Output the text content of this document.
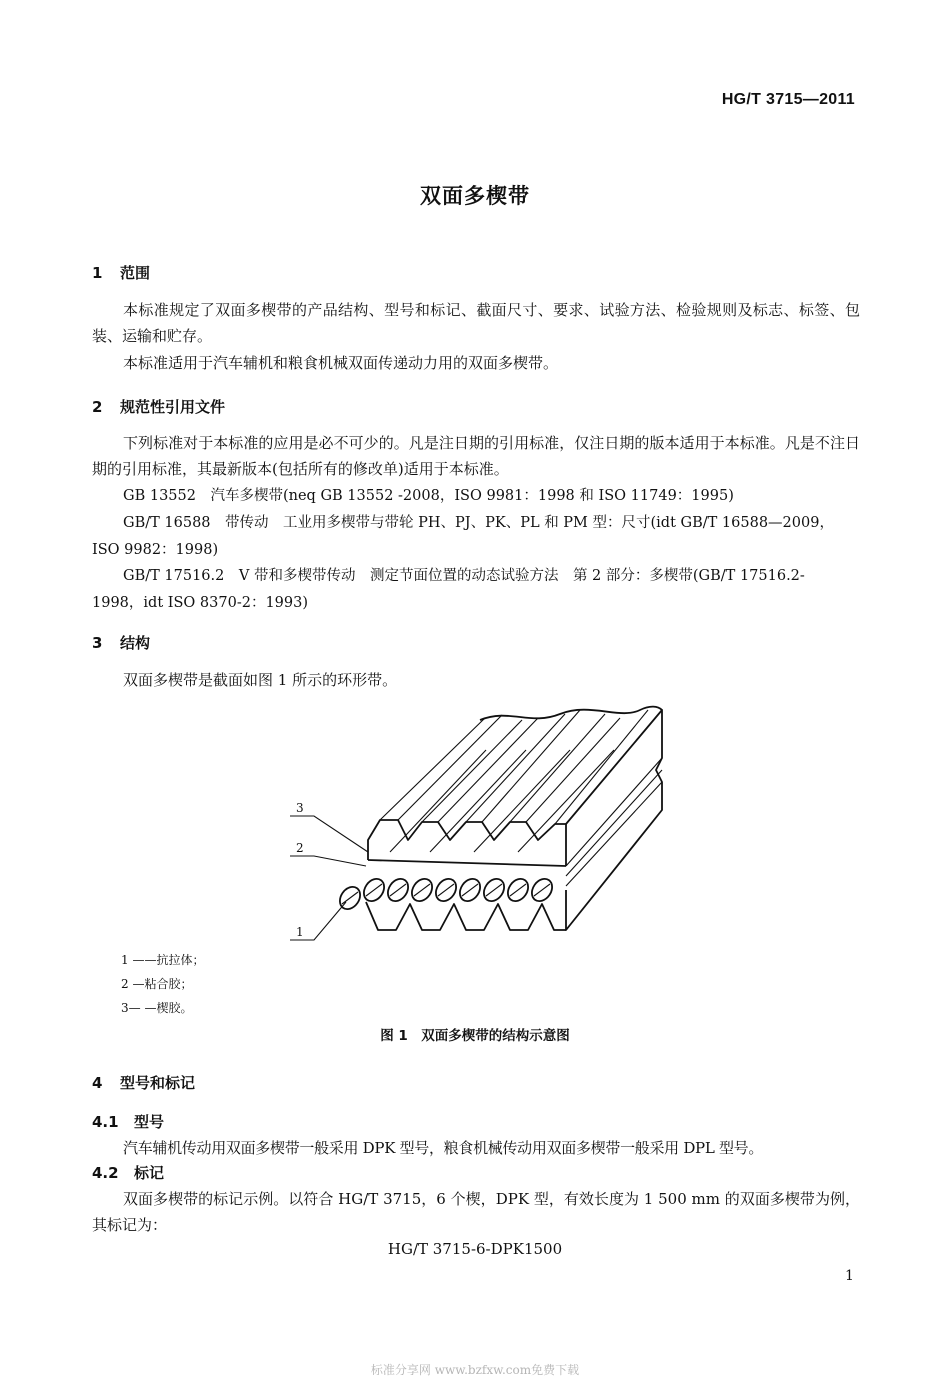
HG/T 3715—2011
双面多楔带
1 范围
本标准规定了双面多楔带的产品结构、型号和标记、截面尺寸、要求、试验方法、检验规则及标志、标签、包装、运输和贮存。
本标准适用于汽车辅机和粮食机械双面传递动力用的双面多楔带。
2 规范性引用文件
下列标准对于本标准的应用是必不可少的。凡是注日期的引用标准，仅注日期的版本适用于本标准。凡是不注日期的引用标准，其最新版本(包括所有的修改单)适用于本标准。
GB 13552　汽车多楔带(neq GB 13552 -2008，ISO 9981：1998 和 ISO 11749：1995)
GB/T 16588　带传动　工业用多楔带与带轮 PH、PJ、PK、PL 和 PM 型：尺寸(idt GB/T 16588—2009，ISO 9982：1998)
GB/T 17516.2　V 带和多楔带传动　测定节面位置的动态试验方法　第 2 部分：多楔带(GB/T 17516.2- 1998，idt ISO 8370-2：1993)
3 结构
双面多楔带是截面如图 1 所示的环形带。
3
2
1
1 ——抗拉体；
2 —粘合胶；
3— —楔胶。
图 1　双面多楔带的结构示意图
4 型号和标记
4.1 型号
汽车辅机传动用双面多楔带一般采用 DPK 型号，粮食机械传动用双面多楔带一般采用 DPL 型号。
4.2 标记
双面多楔带的标记示例。以符合 HG/T 3715，6 个楔，DPK 型，有效长度为 1 500 mm 的双面多楔带为例，其标记为：
HG/T 3715-6-DPK1500
1
标准分享网 www.bzfxw.com免费下载
